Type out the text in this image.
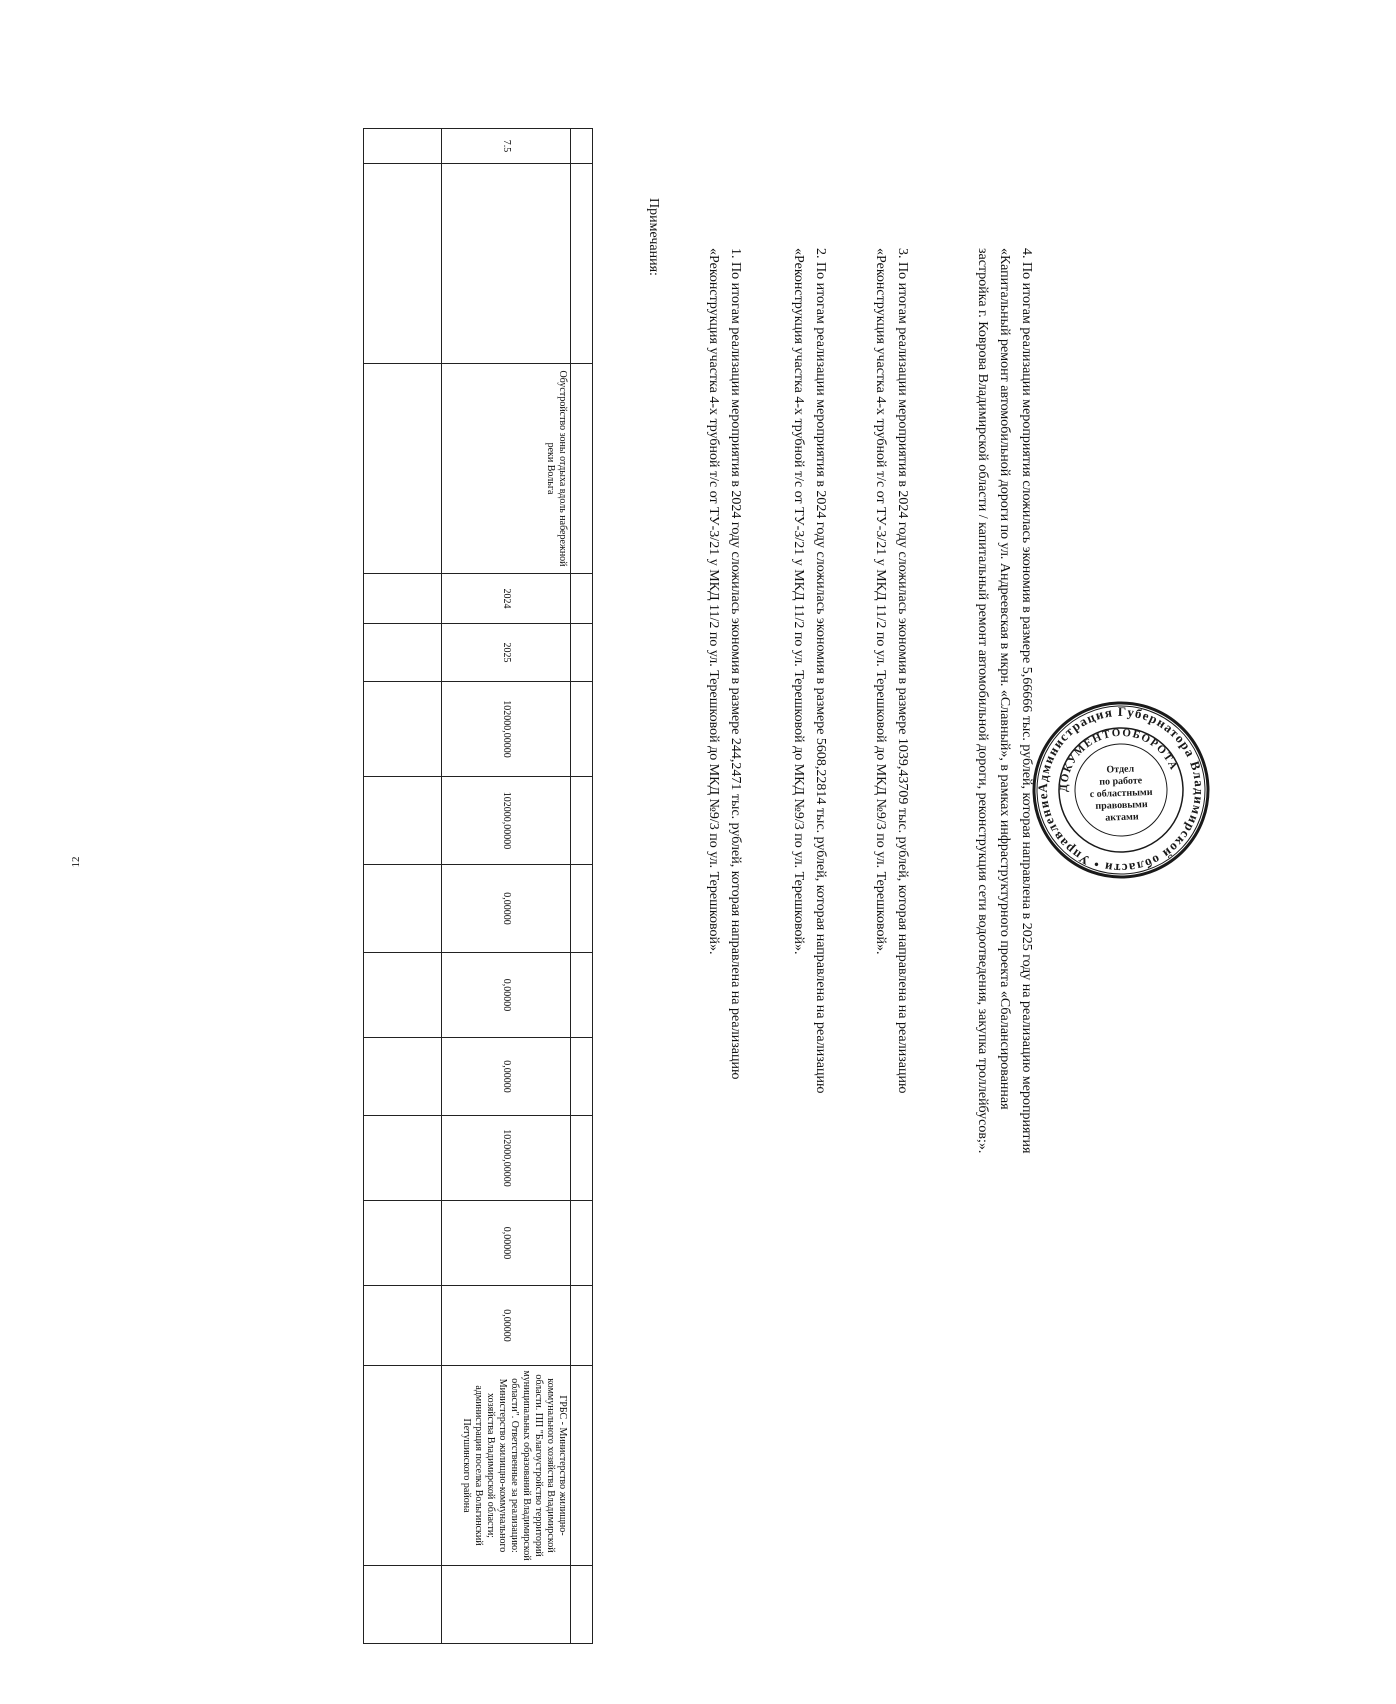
12

7.5		Обустройство зоны отдыха вдоль набережной реки Вольга	2024	2025	102000,00000	102000,00000	0,00000	0,00000	0,00000	102000,00000	0,00000	0,00000	ГРБС - Министерство жилищно-коммунального хозяйства Владимирской области. ПП "Благоустройство территорий муниципальных образований Владимирской области". Ответственные за реализацию: Министерство жилищно-коммунального хозяйства Владимирской области; администрация поселка Вольгинский Петушинского района	

Примечания:

1. По итогам реализации мероприятия в 2024 году сложилась экономия в размере 244,2471 тыс. рублей, которая направлена на реализацию

«Реконструкция участка 4-х трубной т/с от ТУ-3/21 у МКД 11/2 по ул. Терешковой до МКД №9/3 по ул. Терешковой».	2. По итогам реализации мероприятия в 2024 году сложилась экономия в размере 5608,22814 тыс. рублей, которая направлена на реализацию

«Реконструкция участка 4-х трубной т/с от ТУ-3/21 у МКД 11/2 по ул. Терешковой до МКД №9/3 по ул. Терешковой».	3. По итогам реализации мероприятия в 2024 году сложилась экономия в размере 1039,43709 тыс. рублей, которая направлена на реализацию

«Реконструкция участка 4-х трубной т/с от ТУ-3/21 у МКД 11/2 по ул. Терешковой до МКД №9/3 по ул. Терешковой».	4. По итогам реализации мероприятия сложилась экономия в размере 5,66666 тыс. рублей, которая направлена в 2025 году на реализацию мероприятия

«Капитальный ремонт автомобильной дороги по ул. Андреевская в мкрн. «Славный», в рамках инфраструктурного проекта «Сбалансированная

застройка г. Коврова Владимирской области / капитальный ремонт автомобильной дороги, реконструкция сети водоотведения, закупка троллейбусов;».	Администрация Губернатора Владимирской области • Управление
ДОКУМЕНТООБОРОТА
Отдел
по работе
с областными
правовыми
актами
